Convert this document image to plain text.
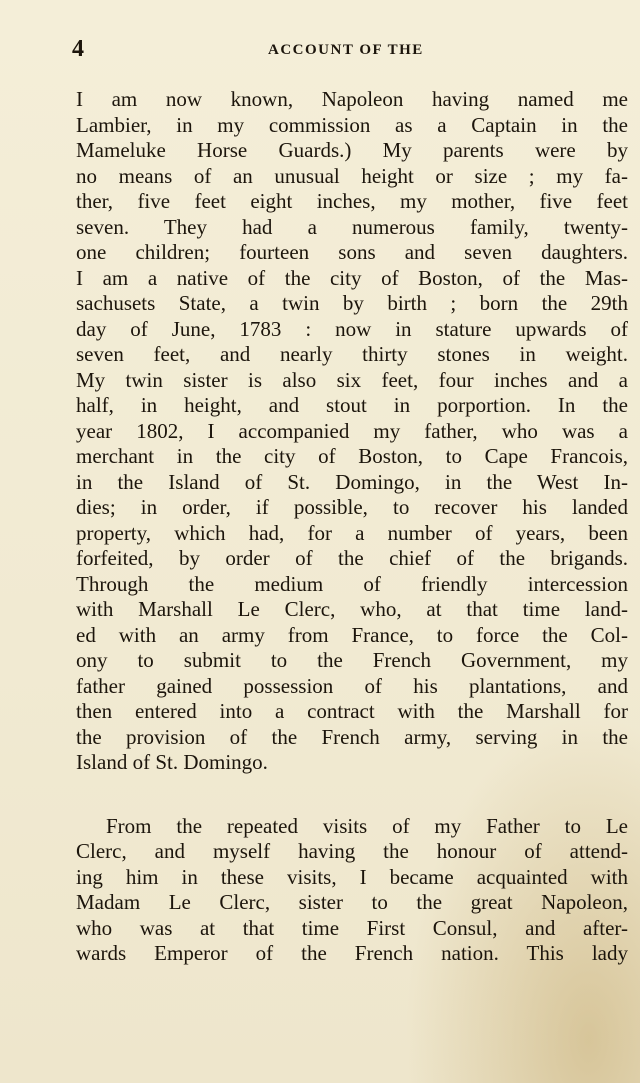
4	ACCOUNT OF THE
I am now known, Napoleon having named me
Lambier, in my commission as a Captain in the
Mameluke Horse Guards.) My parents were by
no means of an unusual height or size ; my fa-
ther, five feet eight inches, my mother, five feet
seven. They had a numerous family, twenty-
one children; fourteen sons and seven daughters.
I am a native of the city of Boston, of the Mas-
sachusets State, a twin by birth ; born the 29th
day of June, 1783 : now in stature upwards of
seven feet, and nearly thirty stones in weight.
My twin sister is also six feet, four inches and a
half, in height, and stout in porportion. In the
year 1802, I accompanied my father, who was a
merchant in the city of Boston, to Cape Francois,
in the Island of St. Domingo, in the West In-
dies; in order, if possible, to recover his landed
property, which had, for a number of years, been
forfeited, by order of the chief of the brigands.
Through the medium of friendly intercession
with Marshall Le Clerc, who, at that time land-
ed with an army from France, to force the Col-
ony to submit to the French Government, my
father gained possession of his plantations, and
then entered into a contract with the Marshall for
the provision of the French army, serving in the
Island of St. Domingo.
From the repeated visits of my Father to Le
Clerc, and myself having the honour of attend-
ing him in these visits, I became acquainted with
Madam Le Clerc, sister to the great Napoleon,
who was at that time First Consul, and after-
wards Emperor of the French nation. This lady
